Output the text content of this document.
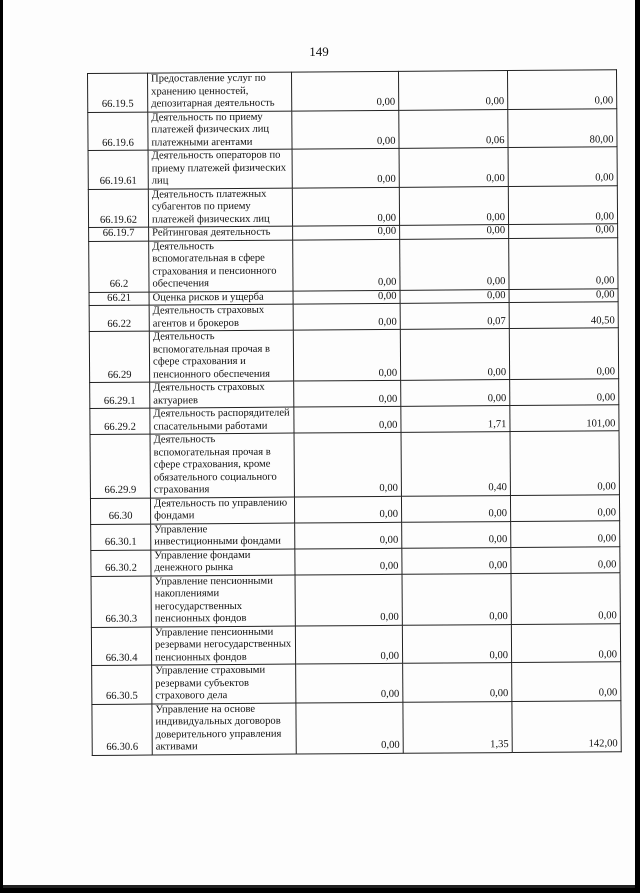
149
66.19.5	Предоставление услуг по хранению ценностей, депозитарная деятельность	0,00	0,00	0,00
66.19.6	Деятельность по приему платежей физических лиц платежными агентами	0,00	0,06	80,00
66.19.61	Деятельность операторов по приему платежей физических лиц	0,00	0,00	0,00
66.19.62	Деятельность платежных субагентов по приему платежей физических лиц	0,00	0,00	0,00
66.19.7	Рейтинговая деятельность	0,00	0,00	0,00
66.2	Деятельность вспомогательная в сфере страхования и пенсионного обеспечения	0,00	0,00	0,00
66.21	Оценка рисков и ущерба	0,00	0,00	0,00
66.22	Деятельность страховых агентов и брокеров	0,00	0,07	40,50
66.29	Деятельность вспомогательная прочая в сфере страхования и пенсионного обеспечения	0,00	0,00	0,00
66.29.1	Деятельность страховых актуариев	0,00	0,00	0,00
66.29.2	Деятельность распорядителей спасательными работами	0,00	1,71	101,00
66.29.9	Деятельность вспомогательная прочая в сфере страхования, кроме обязательного социального страхования	0,00	0,40	0,00
66.30	Деятельность по управлению фондами	0,00	0,00	0,00
66.30.1	Управление инвестиционными фондами	0,00	0,00	0,00
66.30.2	Управление фондами денежного рынка	0,00	0,00	0,00
66.30.3	Управление пенсионными накоплениями негосударственных пенсионных фондов	0,00	0,00	0,00
66.30.4	Управление пенсионными резервами негосударственных пенсионных фондов	0,00	0,00	0,00
66.30.5	Управление страховыми резервами субъектов страхового дела	0,00	0,00	0,00
66.30.6	Управление на основе индивидуальных договоров доверительного управления активами	0,00	1,35	142,00
